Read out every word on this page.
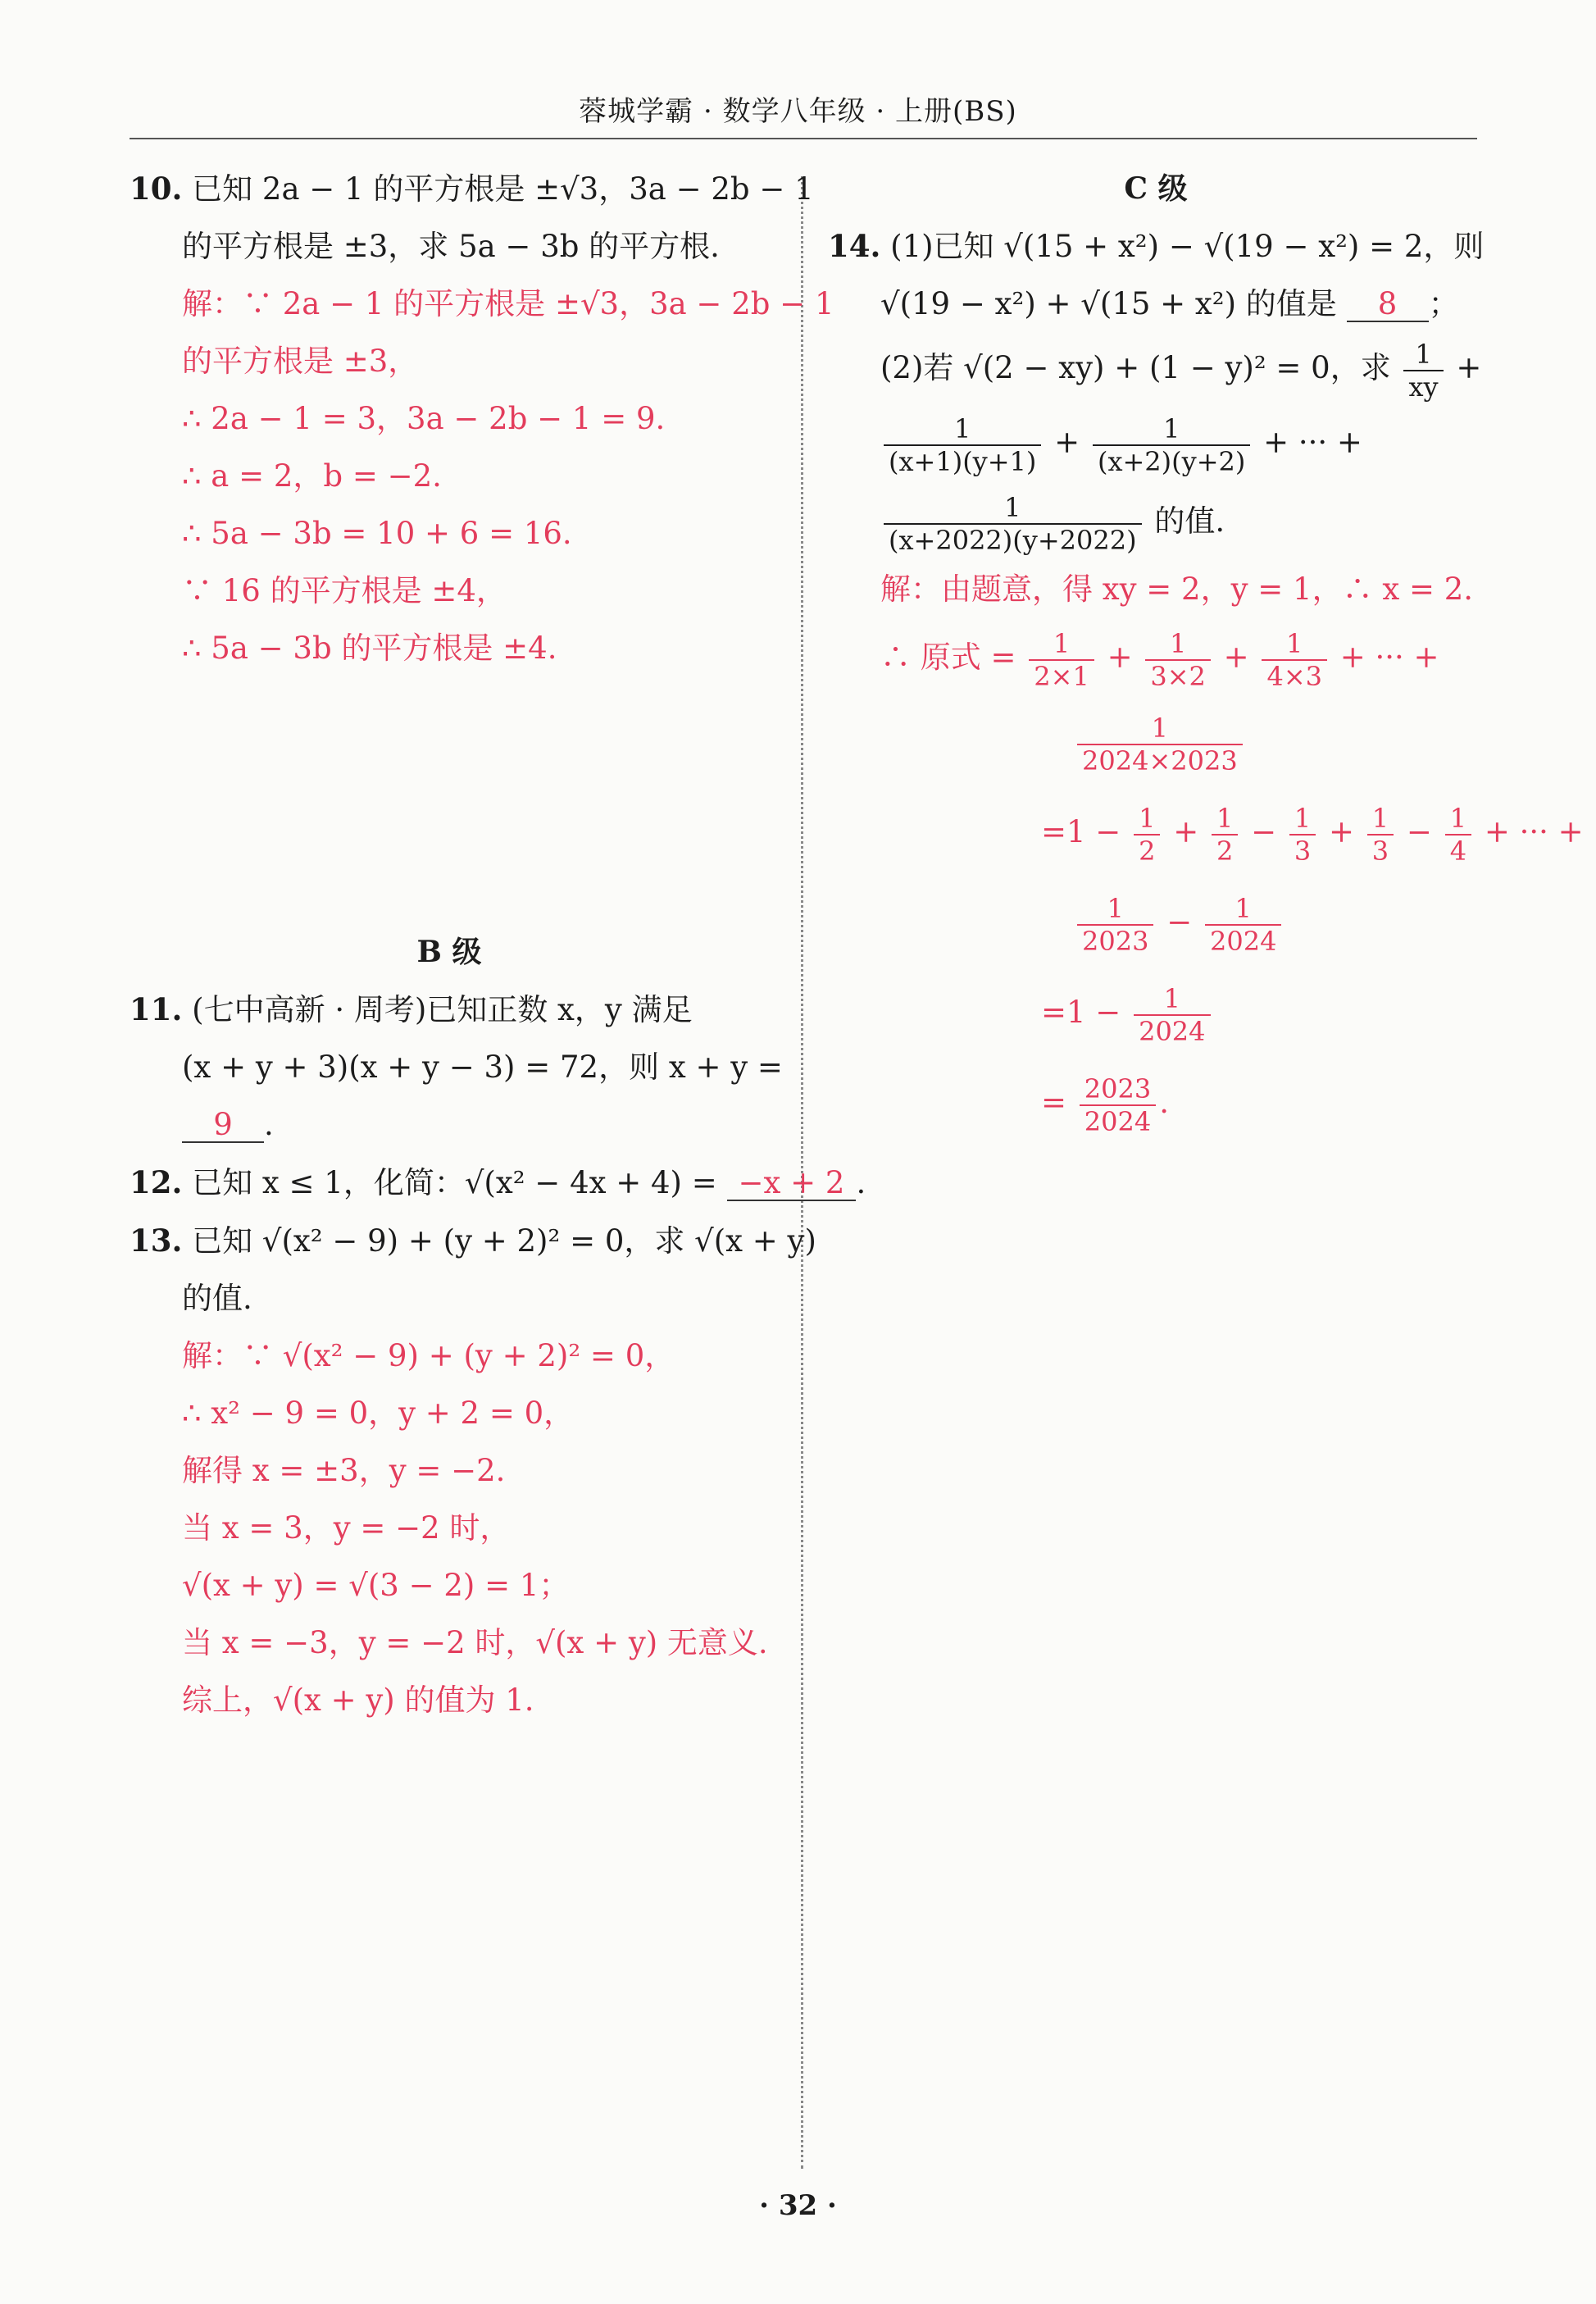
蓉城学霸 · 数学八年级 · 上册(BS)
10. 已知 2a − 1 的平方根是 ±√3，3a − 2b − 1
的平方根是 ±3，求 5a − 3b 的平方根.
解：∵ 2a − 1 的平方根是 ±√3，3a − 2b − 1
的平方根是 ±3，
∴ 2a − 1 = 3，3a − 2b − 1 = 9.
∴ a = 2，b = −2.
∴ 5a − 3b = 10 + 6 = 16.
∵ 16 的平方根是 ±4，
∴ 5a − 3b 的平方根是 ±4.
B 级
11. (七中高新 · 周考)已知正数 x，y 满足
(x + y + 3)(x + y − 3) = 72，则 x + y =
9 .
12. 已知 x ≤ 1，化简：√(x² − 4x + 4) = −x + 2 .
13. 已知 √(x² − 9) + (y + 2)² = 0，求 √(x + y)
的值.
解：∵ √(x² − 9) + (y + 2)² = 0，
∴ x² − 9 = 0，y + 2 = 0，
解得 x = ±3，y = −2.
当 x = 3，y = −2 时，
√(x + y) = √(3 − 2) = 1；
当 x = −3，y = −2 时，√(x + y) 无意义.
综上，√(x + y) 的值为 1.
C 级
14. (1)已知 √(15 + x²) − √(19 − x²) = 2，则
√(19 − x²) + √(15 + x²) 的值是 8 ；
(2)若 √(2 − xy) + (1 − y)² = 0，求 $\frac{1}{xy}$ +
$\frac{1}{(x+1)(y+1)} + \frac{1}{(x+2)(y+2)}$ + ··· +
$\frac{1}{(x+2022)(y+2022)}$ 的值.
解：由题意，得 xy = 2，y = 1，∴ x = 2.
∴ 原式 = $\frac{1}{2\times 1} + \frac{1}{3\times 2} + \frac{1}{4\times 3}$ + ··· +
$\frac{1}{2024\times 2023}$
$=1 - \frac{1}{2} + \frac{1}{2} - \frac{1}{3} + \frac{1}{3} - \frac{1}{4}$ + ··· +
$\frac{1}{2023} - \frac{1}{2024}$
$=1 - \frac{1}{2024}$
= $\frac{2023}{2024}$ .
· 32 ·
